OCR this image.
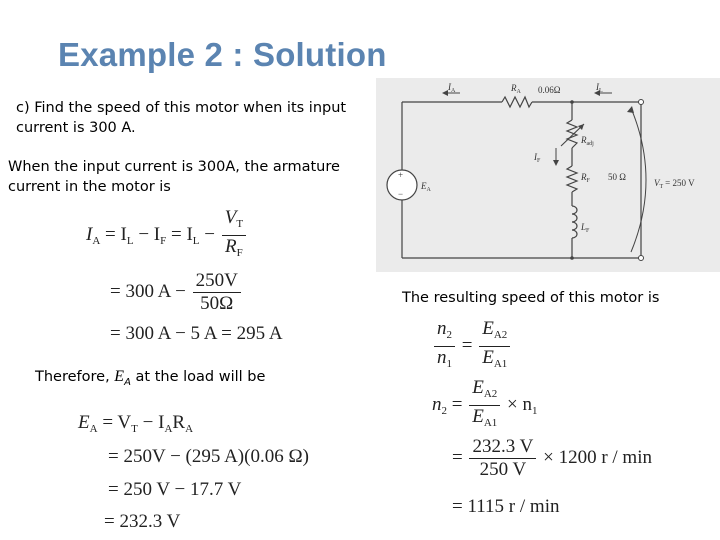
Example 2 : Solution
c) Find the speed of this motor when its input
current is 300 A.
When the input current is 300A, the armature
current in the motor is
$I_A = I_L - I_F = I_L - \frac{V_T}{R_F}$
= 300 $A - \frac{250V}{50\Omega}$
= 300 A − 5 A = 295 A
Therefore, $E_A$ at the load will be
$E_A = V_T - I_AR_A$
= 250V − (295 A)(0.06 Ω)
= 250 V − 17.7 V
= 232.3 V
$I_A$	$R_A$ 0.06Ω	$I_L$
$R_{adj}$
$I_F$
$R_F$ 50 Ω
$E_A$
+
−
$V_T = 250$ V
$L_F$
The resulting speed of this motor is
$\frac{n_2}{n_1} = \frac{E_{A2}}{E_{A1}}$
$n_2 = \frac{E_{A2}}{E_{A1}} \times n_1$
= $\frac{232.3 V}{250 V} \times 1200$ r / min
= 1115 r / min
